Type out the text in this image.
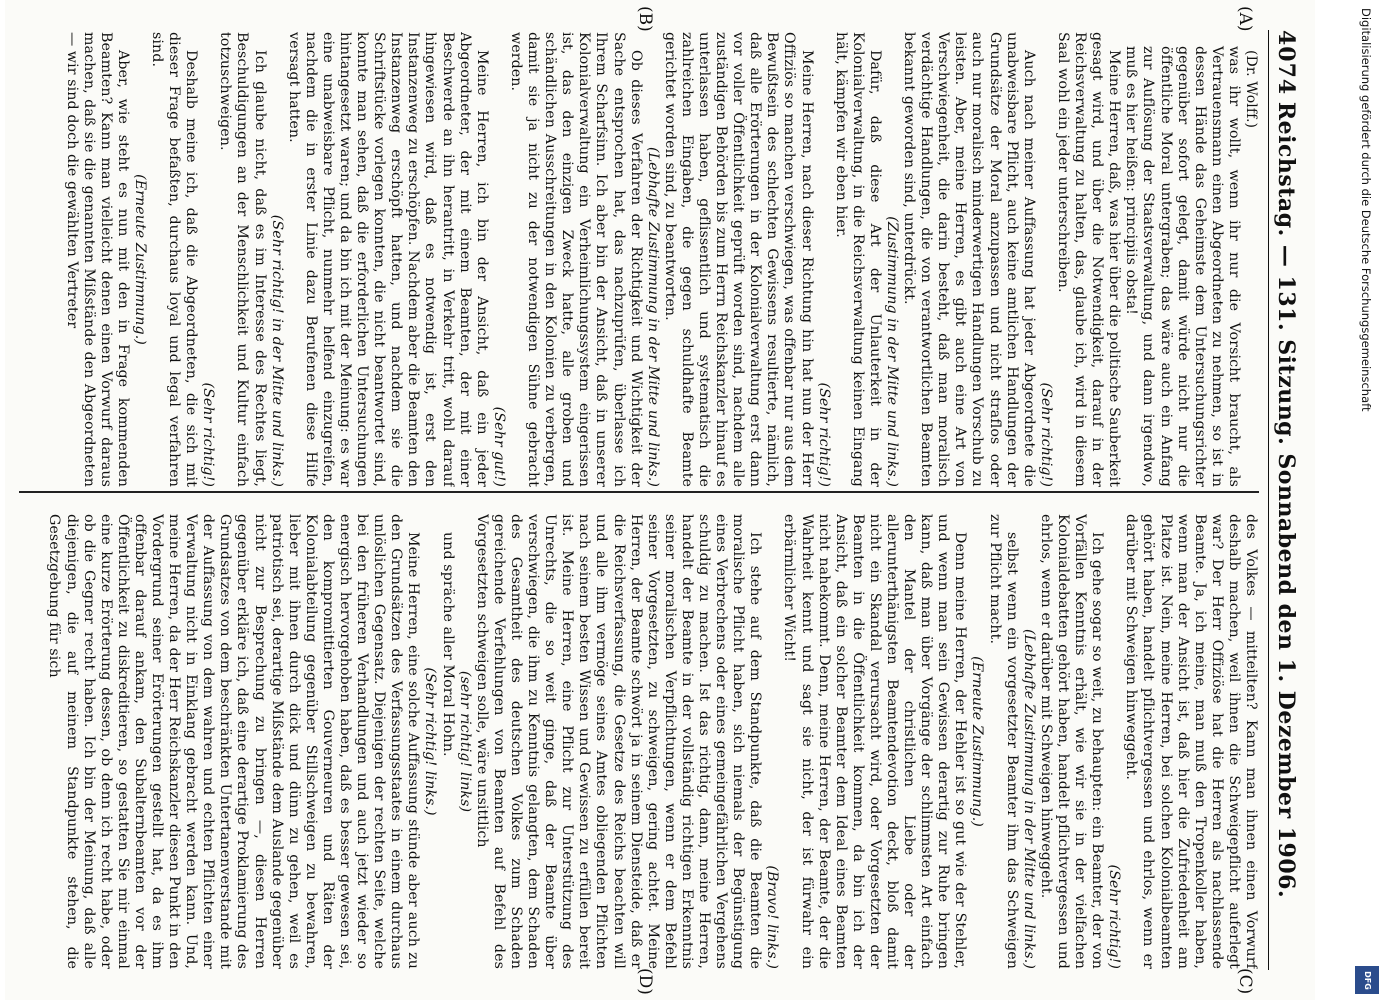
4074
Reichstag. — 131. Sitzung. Sonnabend den 1. Dezember 1906.
(A)
(B)
(C)
(D)

(Dr. Wolff.)

was ihr wollt, wenn ihr nur die Vorsicht braucht, als Vertrauensmann einen Abgeordneten zu nehmen, so ist in dessen Hände das Geheimste dem Untersuchungsrichter gegenüber sofort gelegt, damit würde nicht nur die öffentliche Moral untergraben; das wäre auch ein Anfang zur Auflösung der Staatsverwaltung, und dann irgendwo, muß es hier heißen: principiis obsta!

Meine Herren, daß, was hier über die politische Sauberkeit gesagt wird, und über die Notwendigkeit, darauf in der Reichsverwaltung zu halten, das, glaube ich, wird in diesem Saal wohl ein jeder unterschreiben.

(Sehr richtig!)

Auch nach meiner Auffassung hat jeder Abgeordnete die unabweisbare Pflicht, auch keine amtlichen Handlungen der Grundsätze der Moral anzupassen und nicht straflos oder auch nur moralisch minderwertigen Handlungen Vorschub zu leisten. Aber, meine Herren, es gibt auch eine Art von Verschwiegenheit, die darin besteht, daß man moralisch verdächtige Handlungen, die von verantwortlichen Beamten bekannt geworden sind, unterdrückt.

(Zustimmung in der Mitte und links.)

Dafür, daß diese Art der Unlauterkeit in der Kolonialverwaltung, in die Reichsverwaltung keinen Eingang hält, kämpfen wir eben hier.

(Sehr richtig!)

Meine Herren, nach dieser Richtung hin hat nun der Herr Offiziös so manchen verschwiegen, was offenbar nur aus dem Bewußtsein des schlechten Gewissens resultierte, nämlich, daß alle Erörterungen in der Kolonialverwaltung erst dann vor voller Öffentlichkeit geprüft worden sind, nachdem alle zuständigen Behörden bis zum Herrn Reichskanzler hinauf es unterlassen haben, geflissentlich und systematisch die zahlreichen Eingaben, die gegen schuldhafte Beamte gerichtet worden sind, zu beantworten.

(Lebhafte Zustimmung in der Mitte und links.)

Ob dieses Verfahren der Richtigkeit und Wichtigkeit der Sache entsprochen hat, das nachzuprüfen, überlasse ich Ihrem Scharfsinn. Ich aber bin der Ansicht, daß in unserer Kolonialverwaltung ein Verheimlichungssystem eingerissen ist, das den einzigen Zweck hatte, alle groben und schändlichen Ausschreitungen in den Kolonien zu verbergen, damit sie ja nicht zu der notwendigen Sühne gebracht werden.

(Sehr gut!)

Meine Herren, ich bin der Ansicht, daß ein jeder Abgeordneter, der mit einem Beamten, der mit einer Beschwerde an ihn herantritt, in Verkehr tritt, wohl darauf hingewiesen wird, daß es notwendig ist, erst den Instanzenweg zu erschöpfen. Nachdem aber die Beamten den Instanzenweg erschöpft hatten, und nachdem sie die Schriftstücke vorlegen konnten, die nicht beantwortet sind, konnte man sehen, daß die erforderlichen Untersuchungen hintangesetzt waren; und da bin ich mit der Meinung: es war eine unabweisbare Pflicht, nunmehr helfend einzugreifen, nachdem die in erster Linie dazu Berufenen diese Hilfe versagt hatten.

(Sehr richtig! in der Mitte und links.)

Ich glaube nicht, daß es im Interesse des Rechtes liegt, Beschuldigungen an der Menschlichkeit und Kultur einfach totzuschweigen.

(Sehr richtig!)

Deshalb meine ich, daß die Abgeordneten, die sich mit dieser Frage befaßten, durchaus loyal und legal verfahren sind.

(Erneute Zustimmung.)

Aber, wie steht es nun mit den in Frage kommenden Beamten? Kann man vielleicht denen einen Vorwurf daraus machen, daß sie die genannten Mißstände den Abgeordneten — wir sind doch die gewählten Vertreter

des Volkes — mitteilten? Kann man ihnen einen Vorwurf deshalb machen, weil ihnen die Schweigepflicht auferlegt war? Der Herr Offiziöse hat die Herren als nachlassende Beamte. Ja, ich meine, man muß den Tropenkoller haben, wenn man der Ansicht ist, daß hier die Zufriedenheit am Platze ist. Nein, meine Herren, bei solchen Kolonialbeamten gehört haben, handelt pflichtvergessen und ehrlos, wenn er darüber mit Schweigen hinweggeht.

(Sehr richtig!)

Ich gehe sogar so weit, zu behaupten: ein Beamter, der von Vorfällen Kenntnis erhält, wie wir sie in der vielfachen Kolonialdebatten gehört haben, handelt pflichtvergessen und ehrlos, wenn er darüber mit Schweigen hinweggeht.

(Lebhafte Zustimmung in der Mitte und links.)

selbst wenn ein vorgesetzter Beamter ihm das Schweigen zur Pflicht macht.

(Erneute Zustimmung.)

Denn meine Herren, der Hehler ist so gut wie der Stehler, und wenn man sein Gewissen derartig zur Ruhe bringen kann, daß man über Vorgänge der schlimmsten Art einfach den Mantel der christlichen Liebe oder der allerunterthänigsten Beamtendevotion deckt, bloß damit nicht ein Skandal verursacht wird, oder Vorgesetzten der Beamten in die Öffentlichkeit kommen, da bin ich der Ansicht, daß ein solcher Beamter dem Ideal eines Beamten nicht nahekommt. Denn, meine Herren, der Beamte, der die Wahrheit kennt und sagt sie nicht, der ist fürwahr ein erbärmlicher Wicht!

(Bravo! links.)

Ich stehe auf dem Standpunkte, daß die Beamten die moralische Pflicht haben, sich niemals der Begünstigung eines Verbrechens oder eines gemeingefährlichen Vergehens schuldig zu machen. Ist das richtig, dann, meine Herren, handelt der Beamte in der vollständig richtigen Erkenntnis seiner moralischen Verpflichtungen, wenn er dem Befehl seiner Vorgesetzten, zu schweigen, gering achtet. Meine Herren, der Beamte schwört ja in seinem Diensteide, daß er die Reichsverfassung, die Gesetze des Reichs beachten will und alle ihm vermöge seines Amtes obliegenden Pflichten nach seinem besten Wissen und Gewissen zu erfüllen bereit ist. Meine Herren, eine Pflicht zur Unterstützung des Unrechts, die so weit ginge, daß der Beamte über verschwiegen, die ihm zu Kenntnis gelangten, dem Schaden des Gesamtheit des deutschen Volkes zum Schaden gereichende Verfehlungen von Beamten auf Befehl des Vorgesetzten schweigen solle, wäre unsittlich

(sehr richtig! links)

und spräche aller Moral Hohn.

(Sehr richtig! links.)

Meine Herren, eine solche Auffassung stünde aber auch zu den Grundsätzen des Verfassungsstaates in einem durchaus unlöslichen Gegensatz. Diejenigen der rechten Seite, welche bei den früheren Verhandlungen und auch jetzt wieder so energisch hervorgehoben haben, daß es besser gewesen sei, den kompromittierten Gouverneuren und Räten der Kolonialabteilung gegenüber Stillschweigen zu bewahren, lieber mit ihnen durch dick und dünn zu gehen, weil es patriotisch sei, derartige Mißstände dem Auslande gegenüber nicht zur Besprechung zu bringen —, diesen Herren gegenüber erkläre ich, daß eine derartige Proklamierung des Grundsatzes von dem beschränkten Untertanenverstande mit der Auffassung von dem wahren und echten Pflichten einer Verwaltung nicht in Einklang gebracht werden kann. Und, meine Herren, da der Herr Reichskanzler diesen Punkt in den Vordergrund seiner Erörterungen gestellt hat, da es ihm offenbar darauf ankam, den Subalternbeamten vor der Öffentlichkeit zu diskreditieren, so gestatten Sie mir einmal eine kurze Erörterung dessen, ob denn ich recht habe, oder ob die Gegner recht haben. Ich bin der Meinung, daß alle diejenigen, die auf meinem Standpunkte stehen, die Gesetzgebung für sich

Digitalisierung gefördert durch die Deutsche Forschungsgemeinschaft
DFG
